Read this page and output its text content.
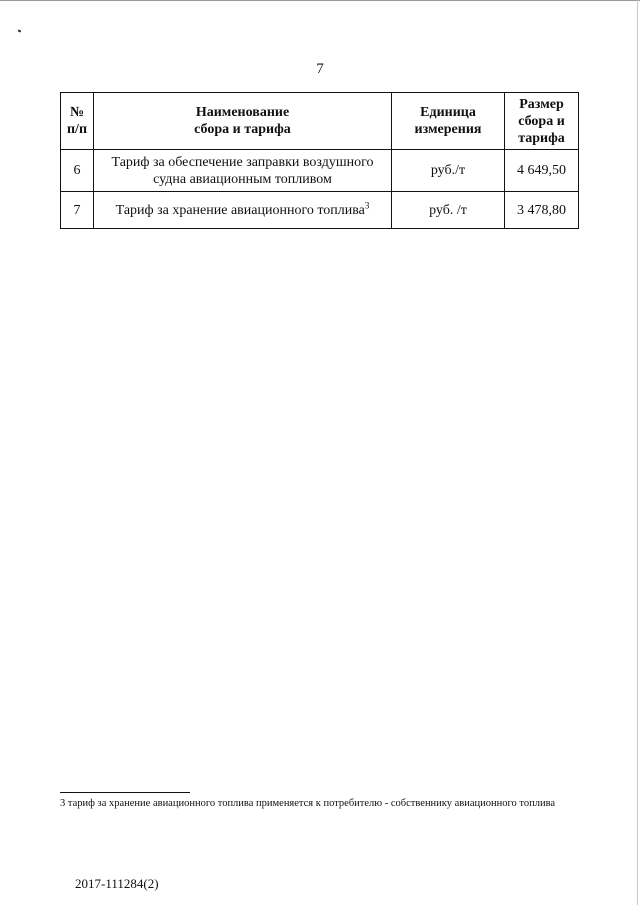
7
№ п/п	Наименование сбора и тарифа	Единица измерения	Размер сбора и тарифа

6	Тариф за обеспечение заправки воздушного судна авиационным топливом	руб./т	4 649,50
7	Тариф за хранение авиационного топлива$^3$	руб. /т	3 478,80
3 тариф за хранение авиационного топлива применяется к потребителю - собственнику авиационного топлива
2017-111284(2)
